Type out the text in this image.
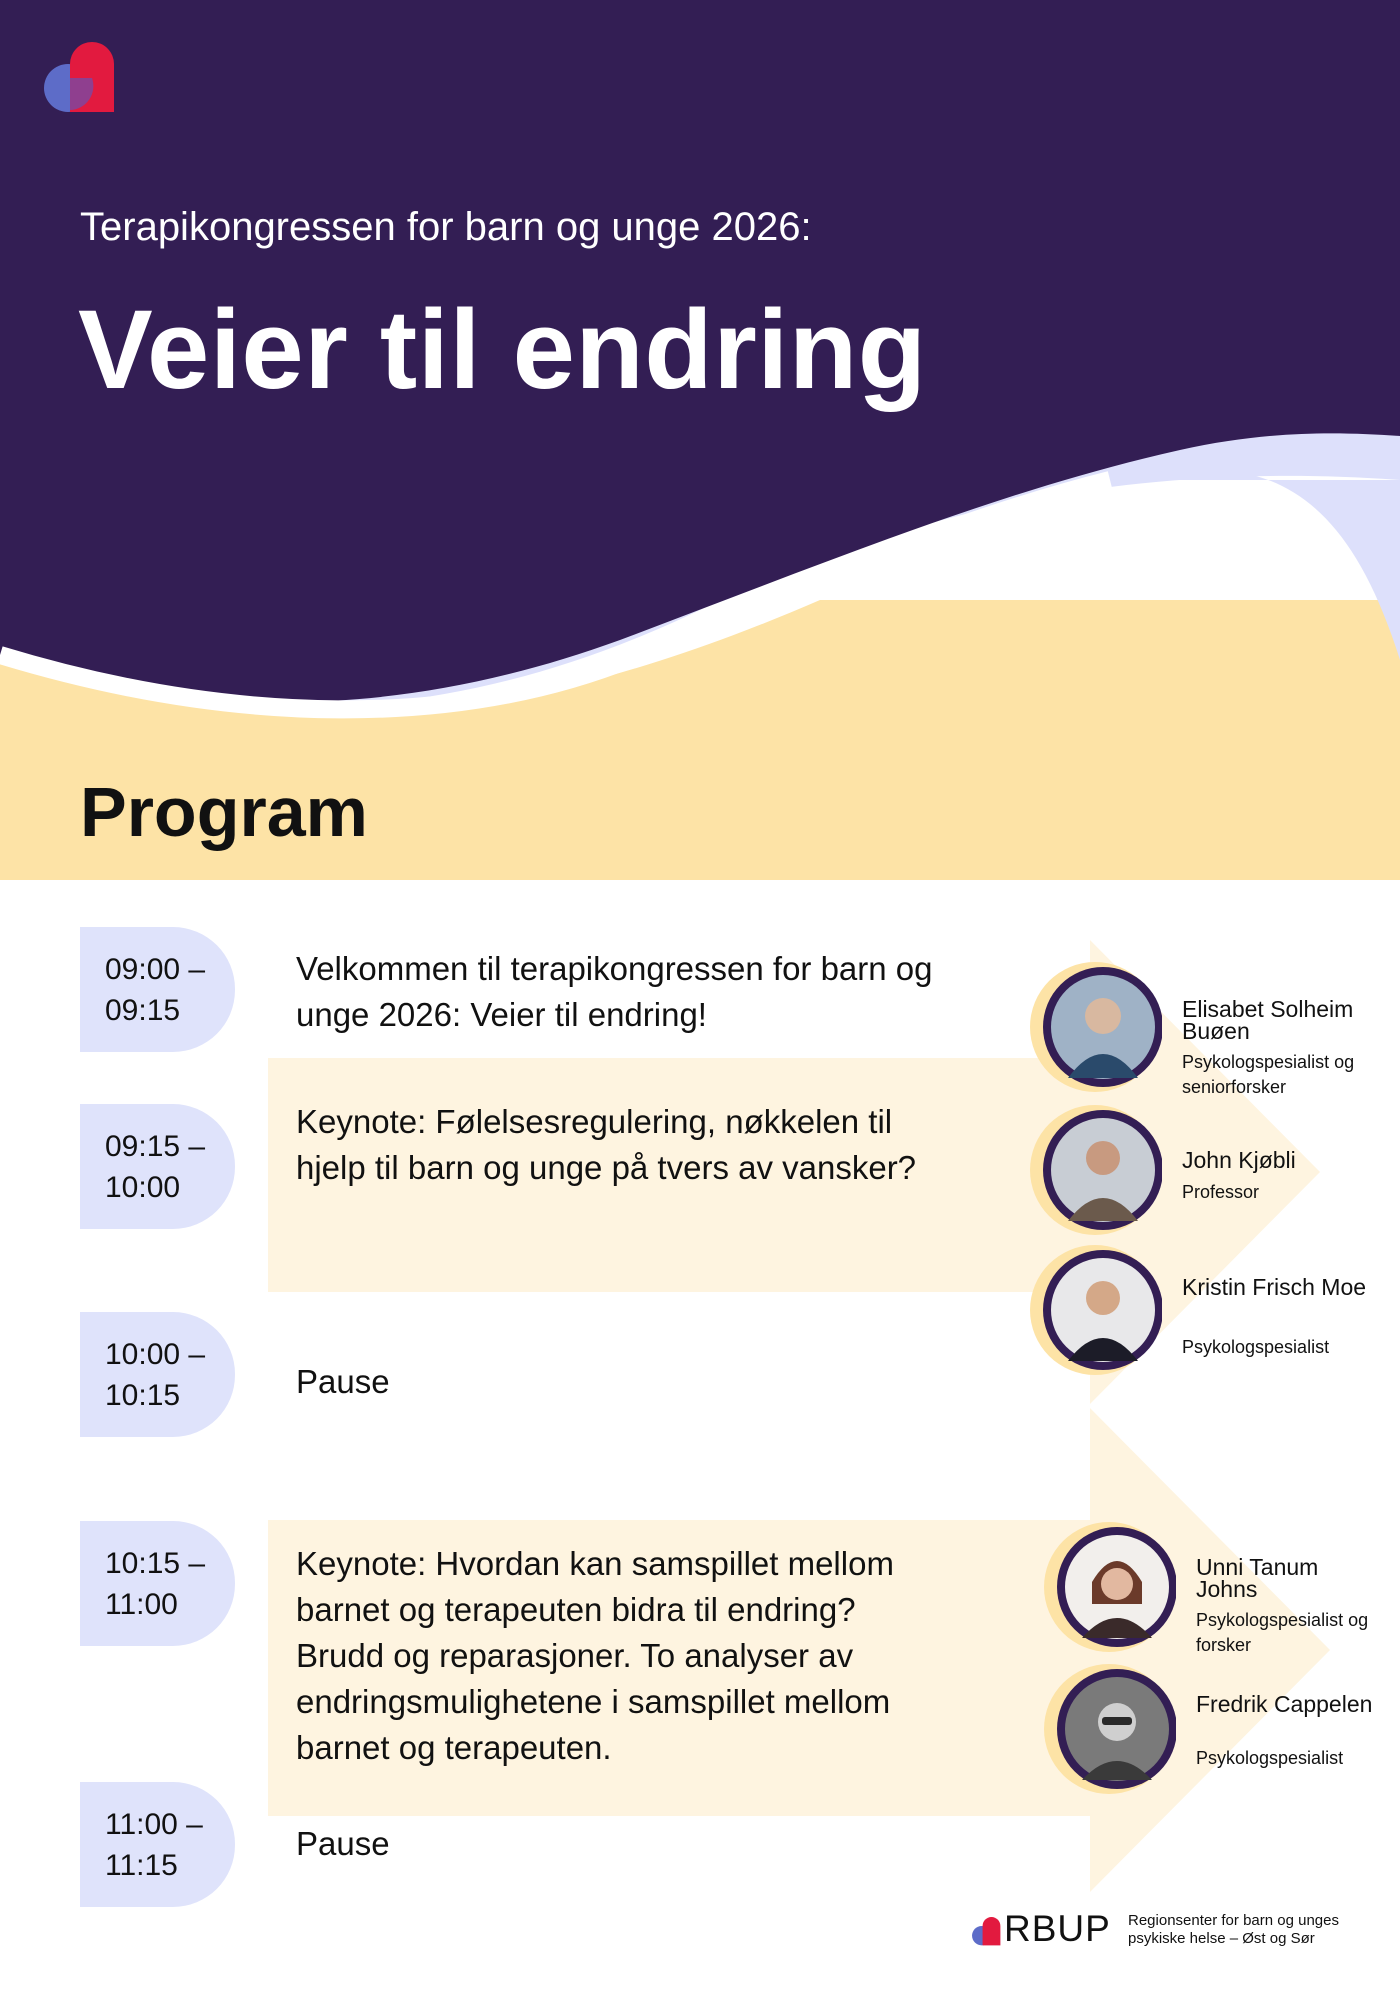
Terapikongressen for barn og unge 2026:
Veier til endring
Program
09:00 –
09:15
Velkommen til terapikongressen for barn og unge 2026: Veier til endring!
09:15 –
10:00
Keynote: Følelsesregulering, nøkkelen til hjelp til barn og unge på tvers av vansker?
10:00 –
10:15	Pause
10:15 –
11:00
Keynote: Hvordan kan samspillet mellom barnet og terapeuten bidra til endring? Brudd og reparasjoner. To analyser av endringsmulighetene i samspillet mellom barnet og terapeuten.
11:00 –
11:15
Pause
Elisabet Solheim Buøen
Psykologspesialist og seniorforsker
John Kjøbli
Professor
Kristin Frisch Moe
Psykologspesialist
Unni Tanum Johns
Psykologspesialist og forsker
Fredrik Cappelen
Psykologspesialist
RBUP Regionsenter for barn og unges
psykiske helse – Øst og Sør
